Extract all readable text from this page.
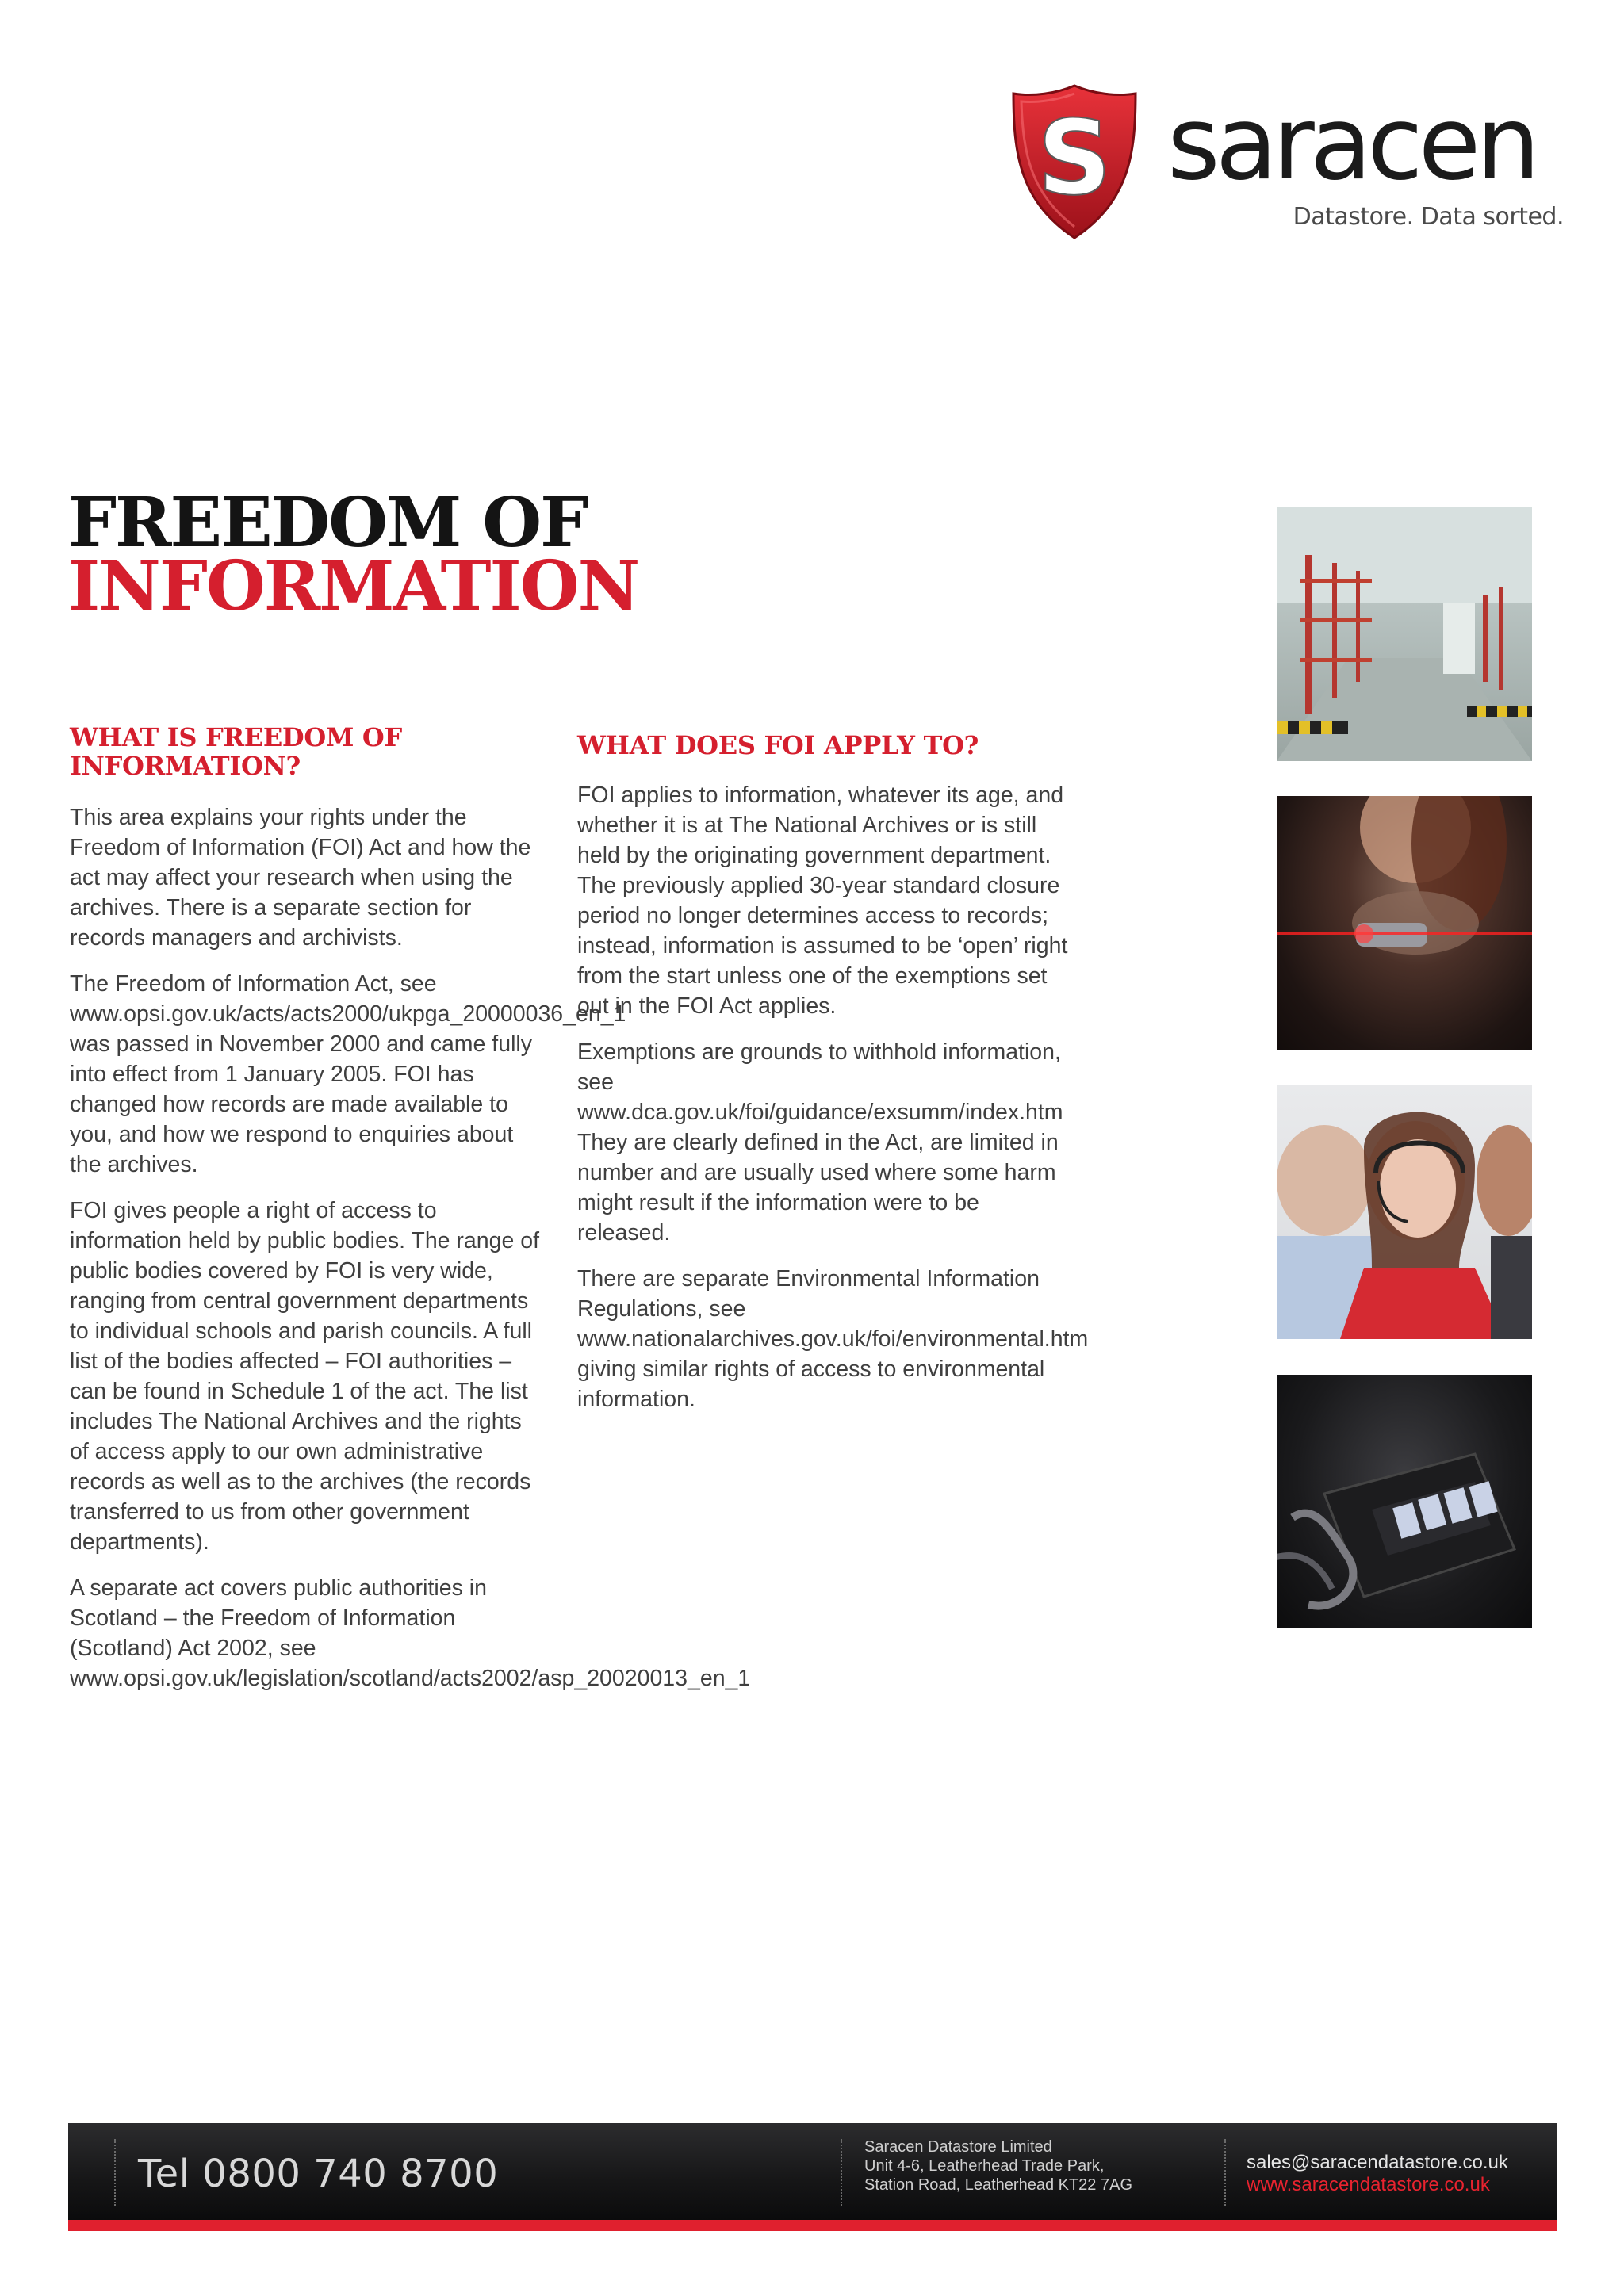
S saracen
Datastore. Data sorted.
FREEDOM OF
INFORMATION
WHAT IS FREEDOM OF INFORMATION?

This area explains your rights under the Freedom of Information (FOI) Act and how the act may affect your research when using the archives. There is a separate section for records managers and archivists.

The Freedom of Information Act, see www.opsi.gov.uk/acts/acts2000/ukpga_20000036_en_1 was passed in November 2000 and came fully into effect from 1 January 2005. FOI has changed how records are made available to you, and how we respond to enquiries about the archives.

FOI gives people a right of access to information held by public bodies. The range of public bodies covered by FOI is very wide, ranging from central government departments to individual schools and parish councils. A full list of the bodies affected – FOI authorities – can be found in Schedule 1 of the act. The list includes The National Archives and the rights of access apply to our own administrative records as well as to the archives (the records transferred to us from other government departments).

A separate act covers public authorities in Scotland – the Freedom of Information (Scotland) Act 2002, see www.opsi.gov.uk/legislation/scotland/acts2002/asp_20020013_en_1

WHAT DOES FOI APPLY TO?

FOI applies to information, whatever its age, and whether it is at The National Archives or is still held by the originating government department. The previously applied 30-year standard closure period no longer determines access to records; instead, information is assumed to be ‘open’ right from the start unless one of the exemptions set out in the FOI Act applies.

Exemptions are grounds to withhold information, see www.dca.gov.uk/foi/guidance/exsumm/index.htm They are clearly defined in the Act, are limited in number and are usually used where some harm might result if the information were to be released.

There are separate Environmental Information Regulations, see www.nationalarchives.gov.uk/foi/environmental.htm giving similar rights of access to environmental information.

Tel 0800 740 8700
Saracen Datastore Limited
Unit 4-6, Leatherhead Trade Park,
Station Road, Leatherhead KT22 7AG
sales@saracendatastore.co.uk
www.saracendatastore.co.uk
